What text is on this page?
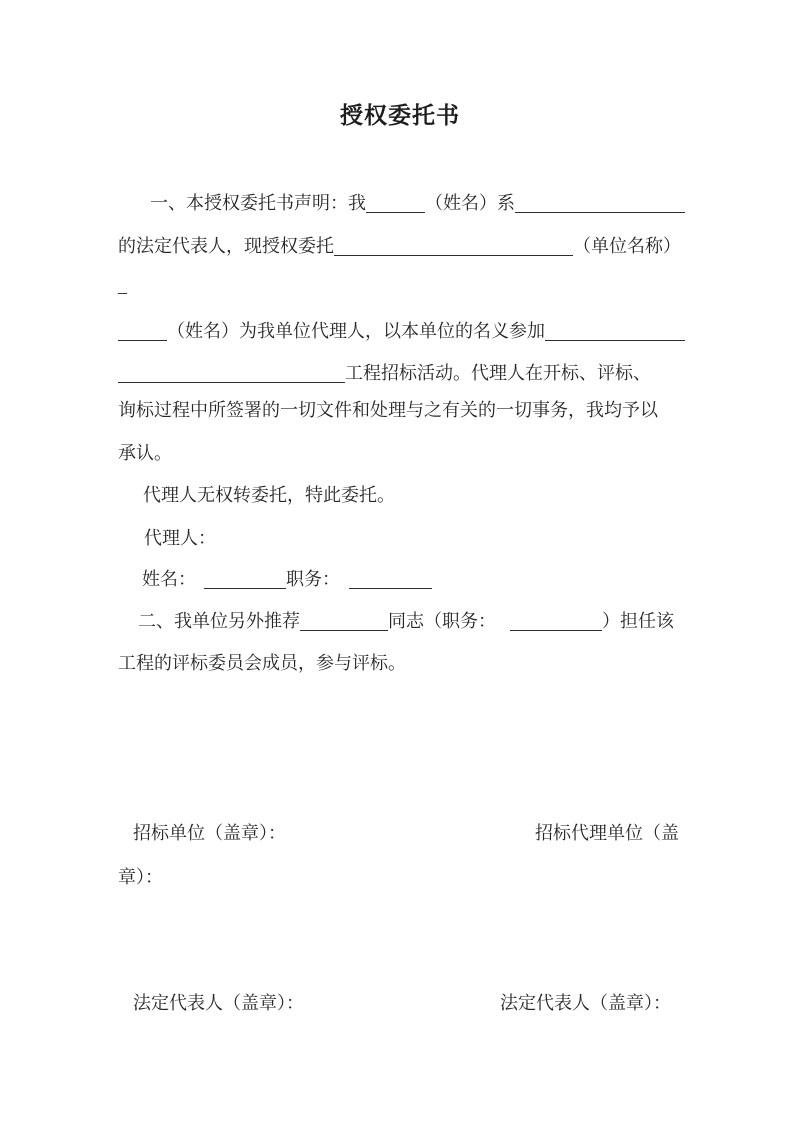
授权委托书
一、本授权委托书声明：我	（姓名）系
的法定代表人，现授权委托	（单位名称）
–
（姓名）为我单位代理人，以本单位的名义参加
工程招标活动。代理人在开标、评标、
询标过程中所签署的一切文件和处理与之有关的一切事务，我均予以
承认。
代理人无权转委托，特此委托。
代理人：
姓名：	职务：
二、我单位另外推荐	同志（职务：	）担任该
工程的评标委员会成员，参与评标。
招标单位（盖章）：	招标代理单位（盖
章）：
法定代表人（盖章）：	法定代表人（盖章）：
